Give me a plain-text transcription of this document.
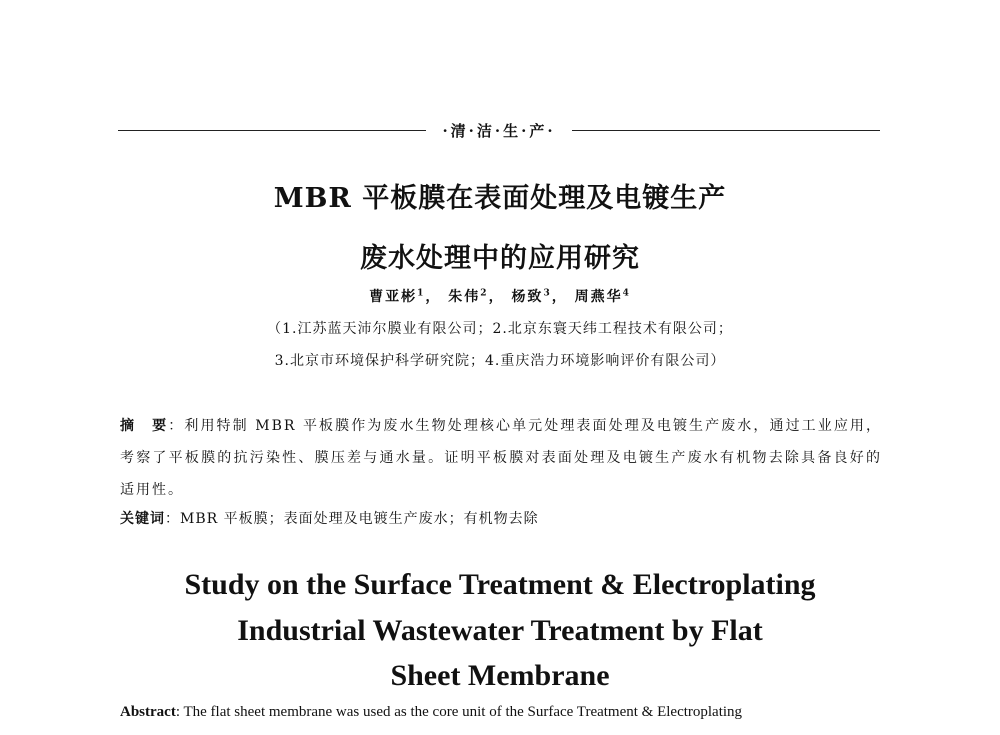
·清·洁·生·产·
MBR 平板膜在表面处理及电镀生产
废水处理中的应用研究
曹亚彬$^1$， 朱伟$^2$， 杨致$^3$， 周燕华$^4$
（1.江苏蓝天沛尔膜业有限公司；2.北京东寰天纬工程技术有限公司；
3.北京市环境保护科学研究院；4.重庆浩力环境影响评价有限公司）
摘　要：利用特制 MBR 平板膜作为废水生物处理核心单元处理表面处理及电镀生产废水，通过工业应用，考察了平板膜的抗污染性、膜压差与通水量。证明平板膜对表面处理及电镀生产废水有机物去除具备良好的适用性。
关键词：MBR 平板膜；表面处理及电镀生产废水；有机物去除
Study on the Surface Treatment & Electroplating
Industrial Wastewater Treatment by Flat
Sheet Membrane
Abstract: The flat sheet membrane was used as the core unit of the Surface Treatment & Electroplating
